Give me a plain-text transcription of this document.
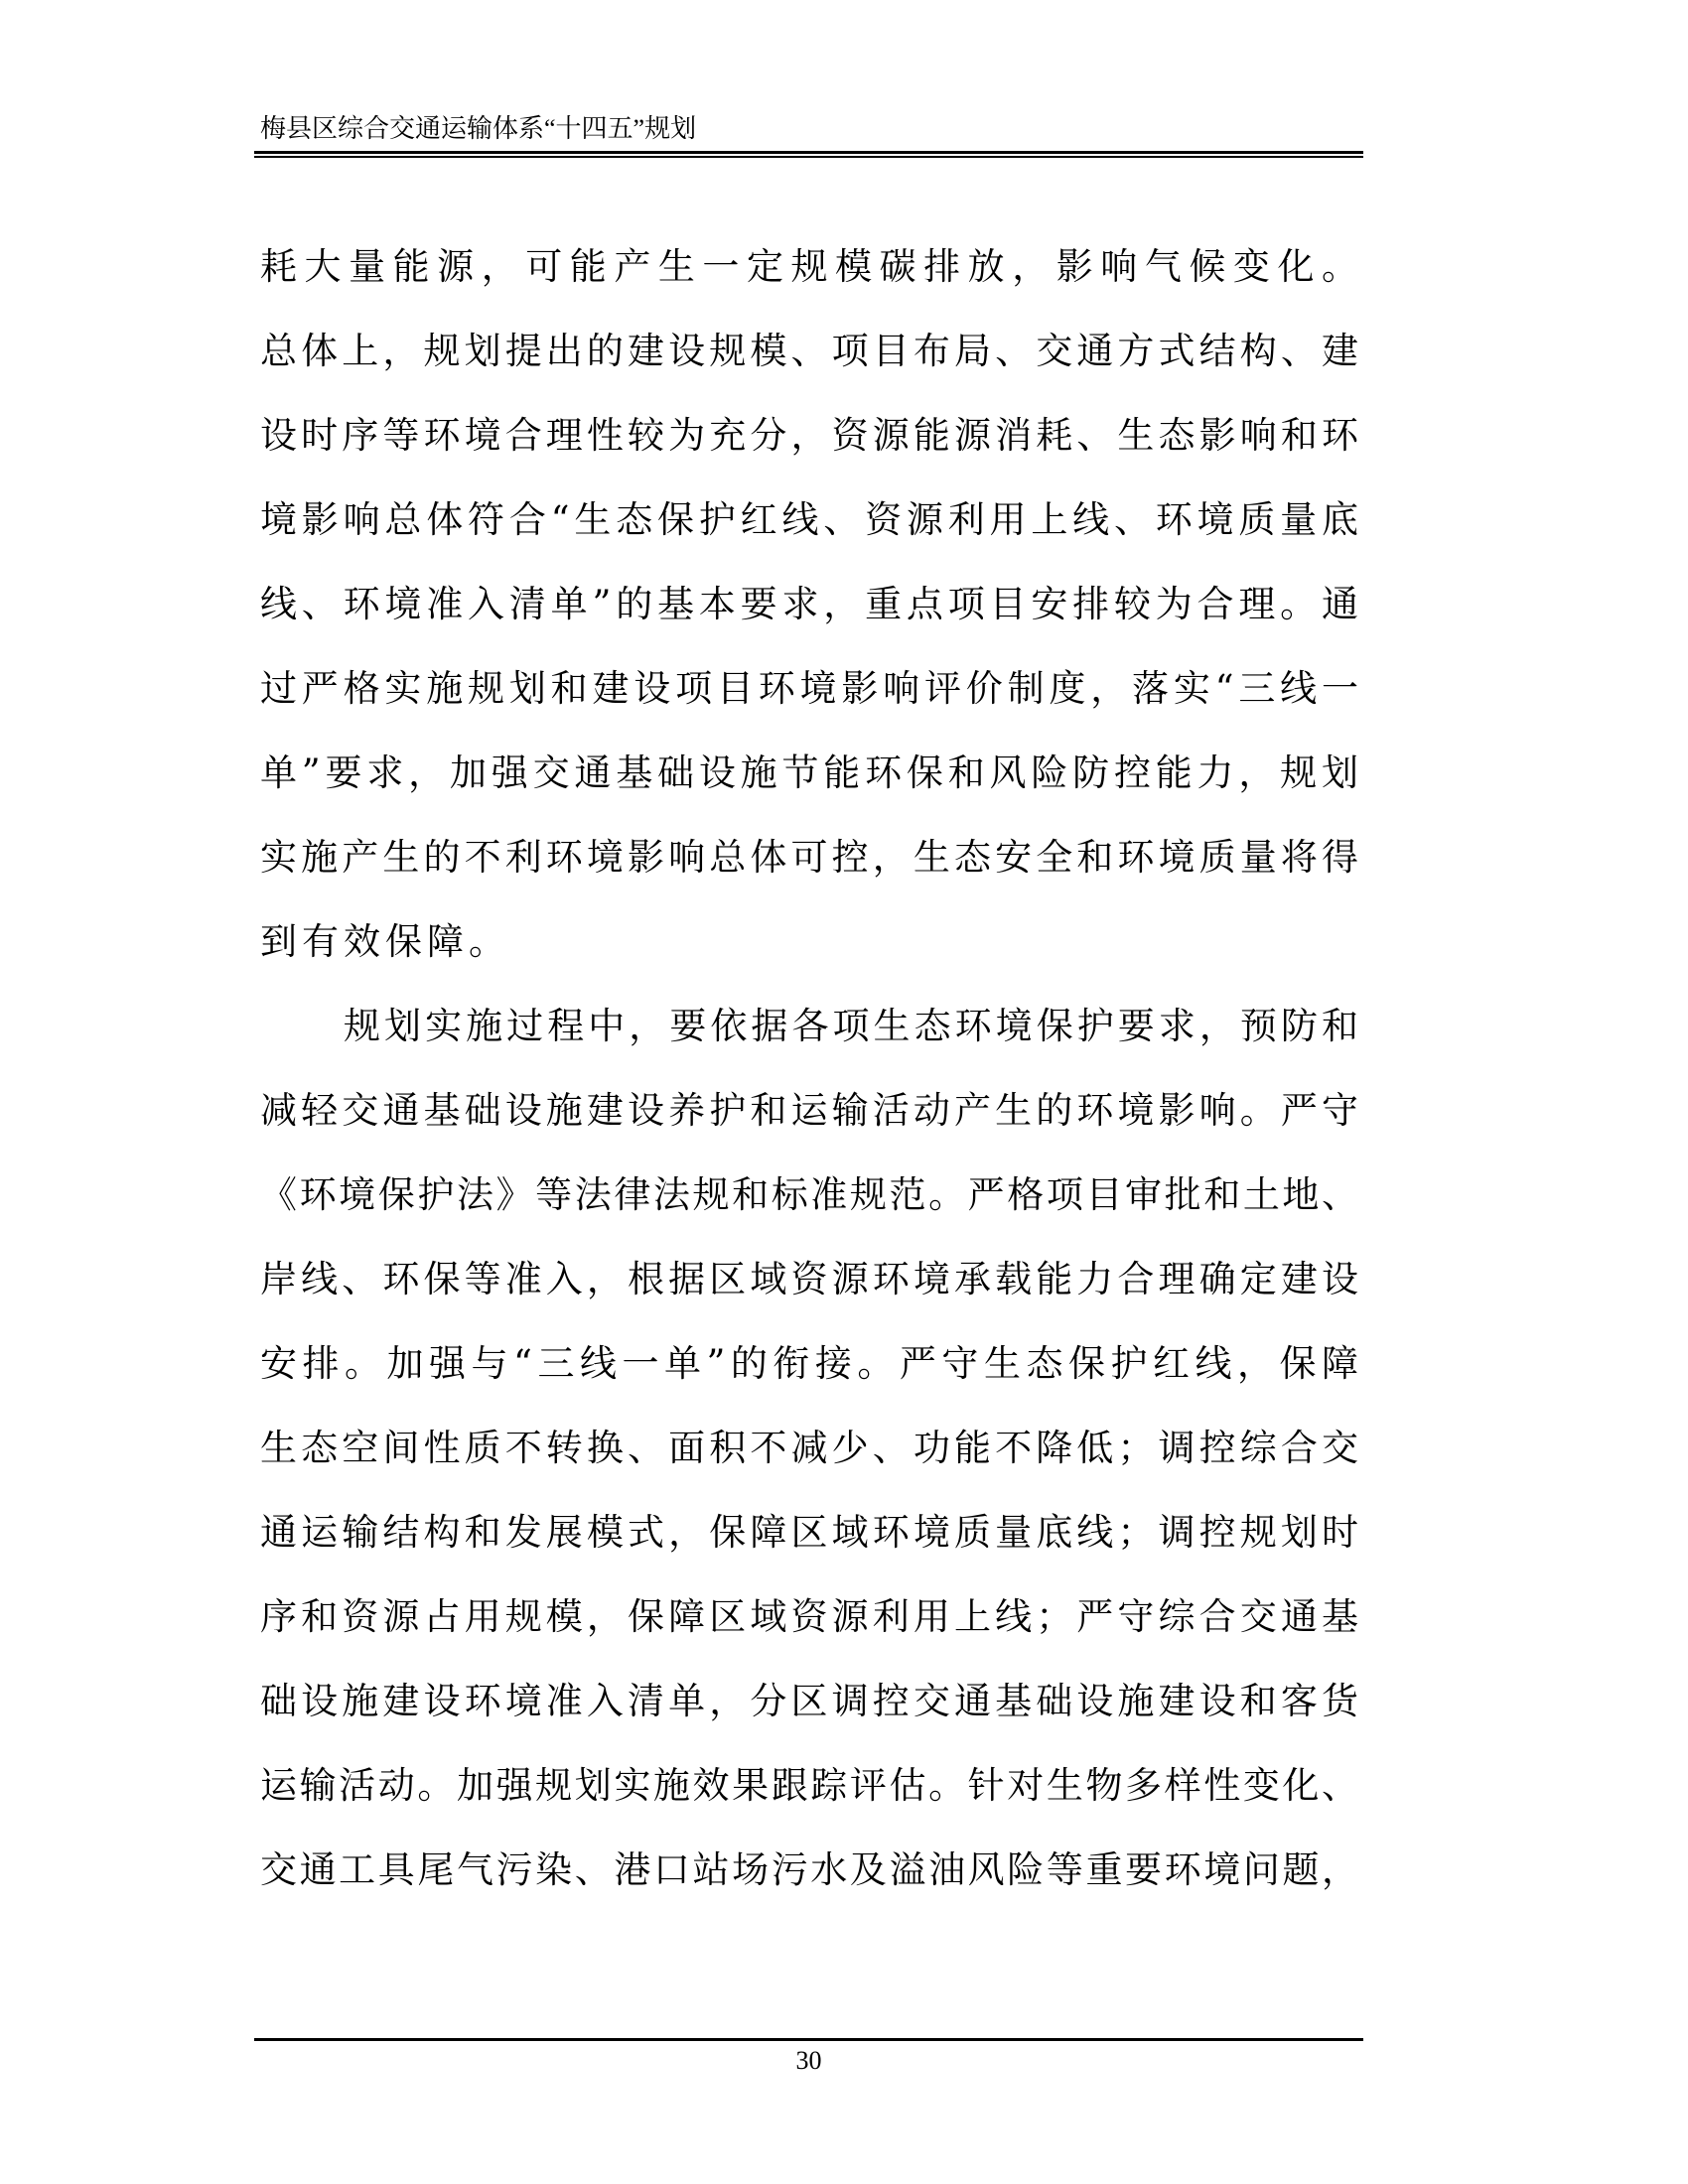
梅县区综合交通运输体系“十四五”规划
耗大量能源，可能产生一定规模碳排放，影响气候变化。
总体上，规划提出的建设规模、项目布局、交通方式结构、建
设时序等环境合理性较为充分，资源能源消耗、生态影响和环
境影响总体符合“生态保护红线、资源利用上线、环境质量底
线、环境准入清单”的基本要求，重点项目安排较为合理。通
过严格实施规划和建设项目环境影响评价制度，落实“三线一
单”要求，加强交通基础设施节能环保和风险防控能力，规划
实施产生的不利环境影响总体可控，生态安全和环境质量将得
到有效保障。
规划实施过程中，要依据各项生态环境保护要求，预防和
减轻交通基础设施建设养护和运输活动产生的环境影响。严守
《环境保护法》等法律法规和标准规范。严格项目审批和土地、
岸线、环保等准入，根据区域资源环境承载能力合理确定建设
安排。加强与“三线一单”的衔接。严守生态保护红线，保障
生态空间性质不转换、面积不减少、功能不降低；调控综合交
通运输结构和发展模式，保障区域环境质量底线；调控规划时
序和资源占用规模，保障区域资源利用上线；严守综合交通基
础设施建设环境准入清单，分区调控交通基础设施建设和客货
运输活动。加强规划实施效果跟踪评估。针对生物多样性变化、
交通工具尾气污染、港口站场污水及溢油风险等重要环境问题，
30
